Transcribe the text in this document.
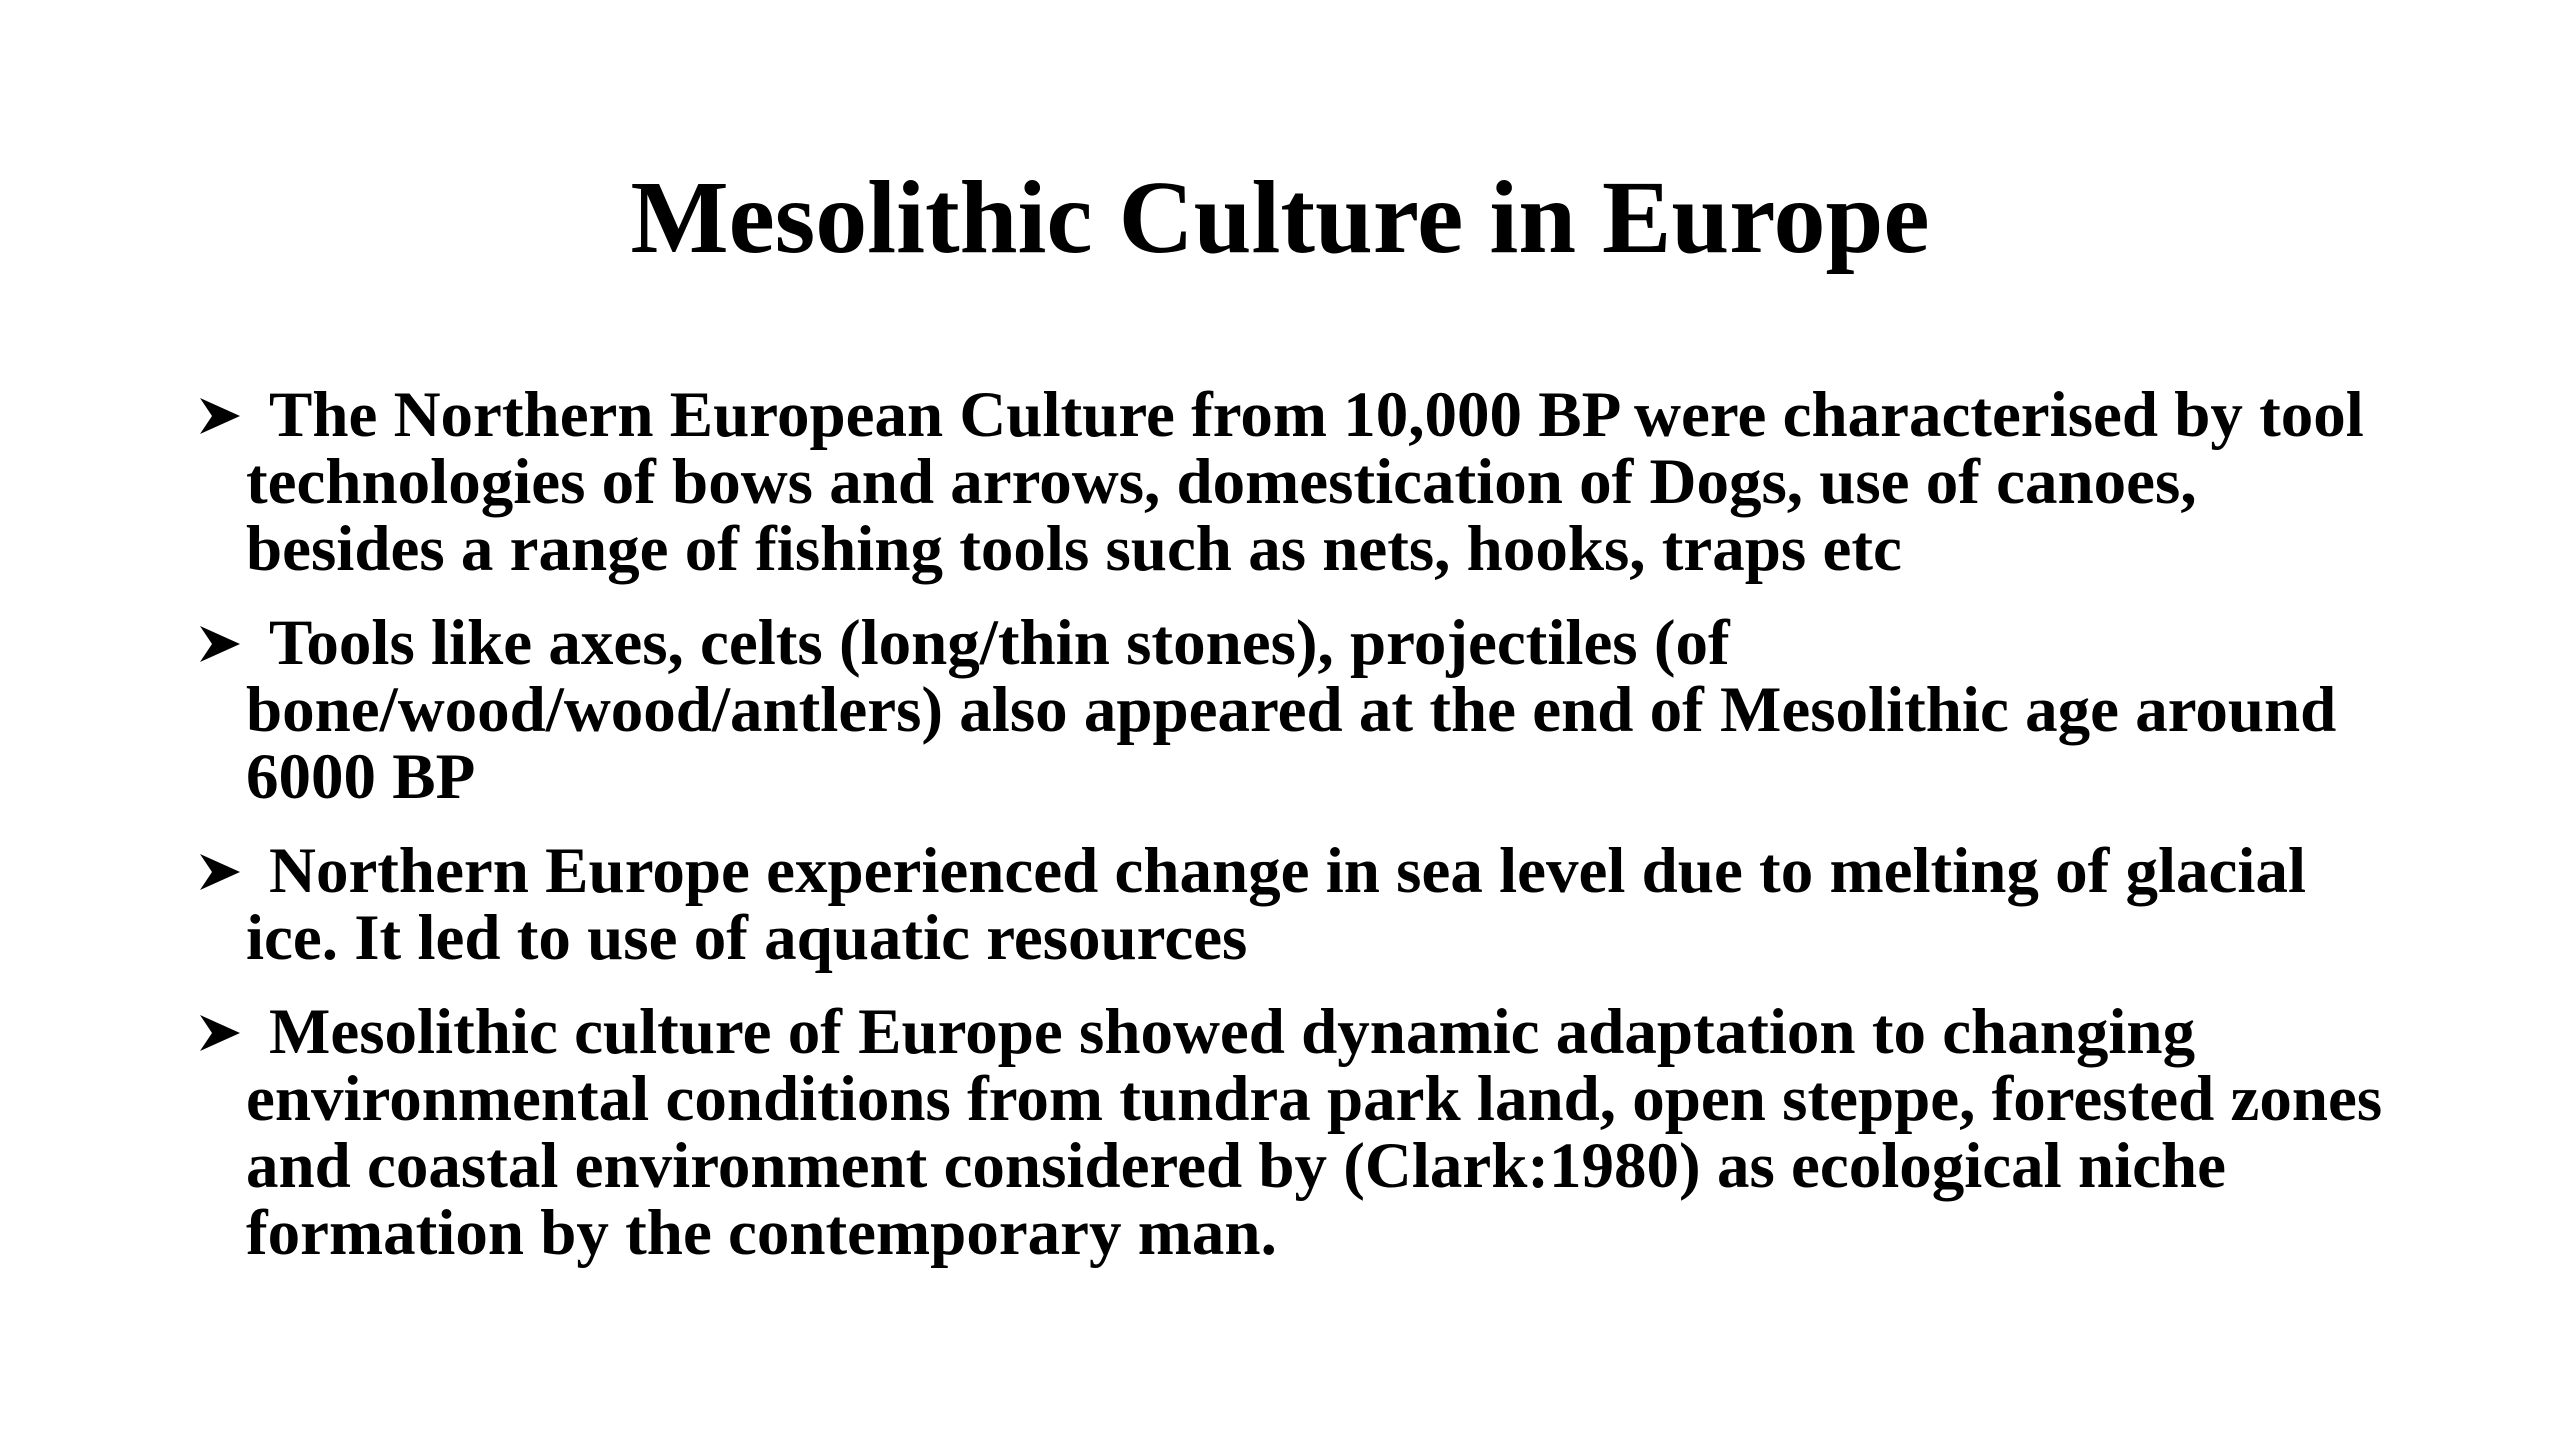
Mesolithic Culture in Europe
The Northern European Culture from 10,000 BP were characterised by tool technologies of bows and arrows, domestication of Dogs, use of canoes, besides a range of fishing tools such as nets, hooks, traps etc
Tools like axes, celts (long/thin stones), projectiles (of bone/wood/wood/antlers) also appeared at the end of Mesolithic age around 6000 BP
Northern Europe experienced change in sea level due to melting of glacial ice. It led to use of aquatic resources
Mesolithic culture of Europe showed dynamic adaptation to changing environmental conditions from tundra park land, open steppe, forested zones and coastal environment considered by (Clark:1980) as ecological niche formation by the contemporary man.
